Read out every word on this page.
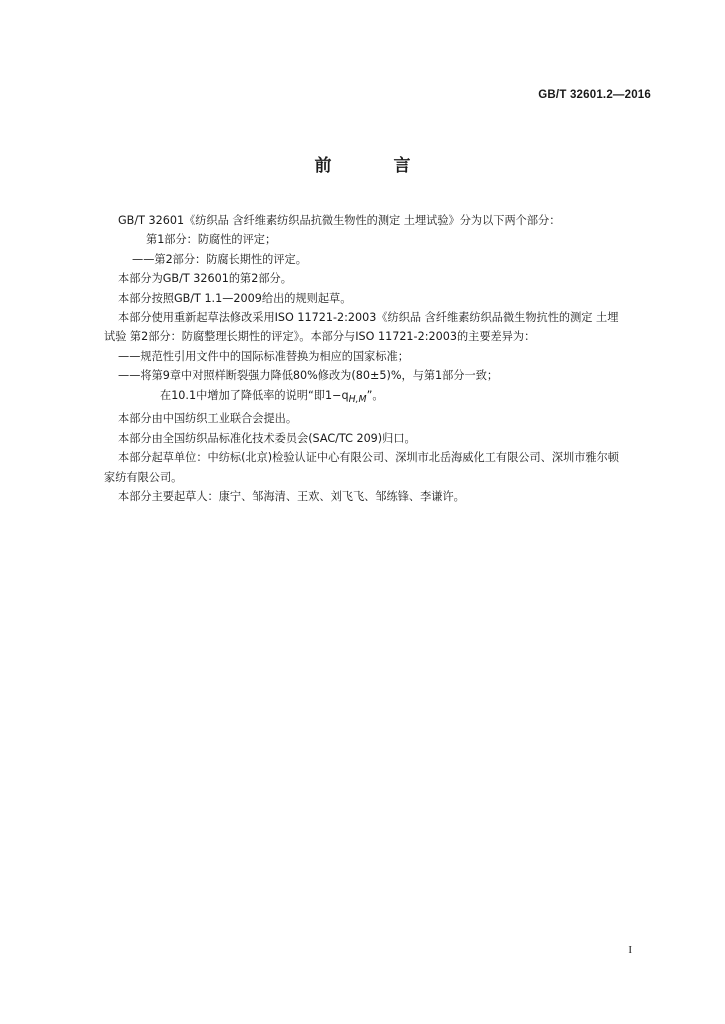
GB/T 32601.2—2016
前 言

GB/T 32601《纺织品 含纤维素纺织品抗微生物性的测定 土埋试验》分为以下两个部分：

第1部分：防腐性的评定；

——第2部分：防腐长期性的评定。

本部分为GB/T 32601的第2部分。

本部分按照GB/T 1.1—2009给出的规则起草。

本部分使用重新起草法修改采用ISO 11721-2:2003《纺织品 含纤维素纺织品微生物抗性的测定 土埋试验 第2部分：防腐整理长期性的评定》。本部分与ISO 11721-2:2003的主要差异为：

——规范性引用文件中的国际标准替换为相应的国家标准；

——将第9章中对照样断裂强力降低80%修改为(80±5)%，与第1部分一致；

在10.1中增加了降低率的说明“即$1-q_{H,M}$”。

本部分由中国纺织工业联合会提出。

本部分由全国纺织品标准化技术委员会(SAC/TC 209)归口。

本部分起草单位：中纺标(北京)检验认证中心有限公司、深圳市北岳海威化工有限公司、深圳市雅尔顿家纺有限公司。

本部分主要起草人：康宁、邹海清、王欢、刘飞飞、邹练锋、李谦许。

I
